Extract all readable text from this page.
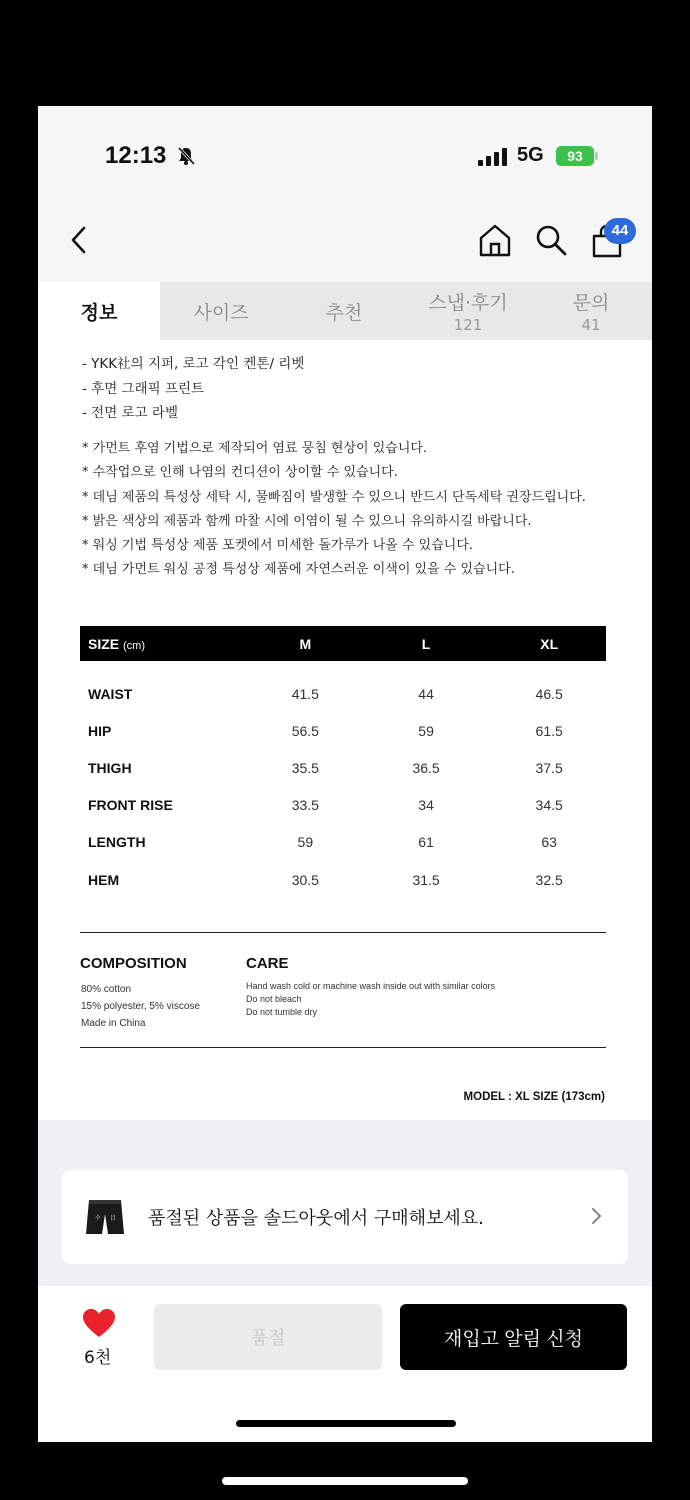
12:13	5G	93
44
정보	사이즈	추천	스냅·후기
121
문의
41
- YKK社의 지퍼, 로고 각인 켄톤/ 리벳
- 후면 그래픽 프린트
- 전면 로고 라벨
* 가먼트 후염 기법으로 제작되어 염료 뭉침 현상이 있습니다.
* 수작업으로 인해 나염의 컨디션이 상이할 수 있습니다.
* 데님 제품의 특성상 세탁 시, 물빠짐이 발생할 수 있으니 반드시 단독세탁 권장드립니다.
* 밝은 색상의 제품과 함께 마찰 시에 이염이 될 수 있으니 유의하시길 바랍니다.
* 워싱 기법 특성상 제품 포켓에서 미세한 돌가루가 나올 수 있습니다.
* 데님 가먼트 워싱 공정 특성상 제품에 자연스러운 이색이 있을 수 있습니다.
SIZE (cm)	M	L	XL
WAIST	41.5	44	46.5
HIP	56.5	59	61.5
THIGH	35.5	36.5	37.5
FRONT RISE	33.5	34	34.5
LENGTH	59	61	63
HEM	30.5	31.5	32.5
COMPOSITION
80% cotton
15% polyester, 5% viscose
Made in China
CARE
Hand wash cold or machine wash inside out with similar colors
Do not bleach
Do not tumble dry
MODEL : XL SIZE (173cm)
수 目 품절된 상품을 솔드아웃에서 구매해보세요.
6천
품절	재입고 알림 신청
